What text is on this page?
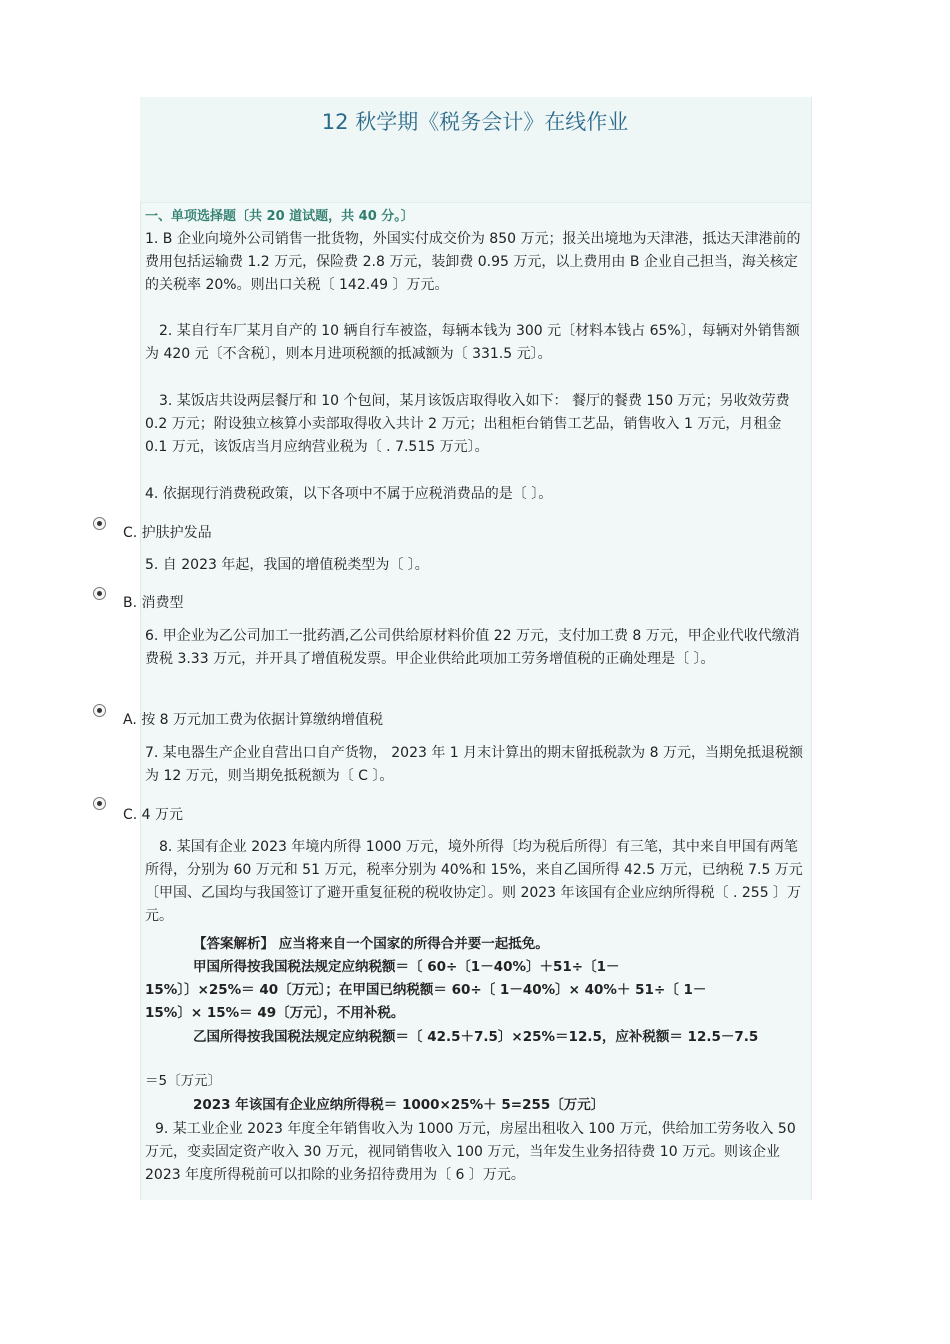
12 秋学期《税务会计》在线作业
一、单项选择题〔共 20 道试题，共 40 分。〕
1. B 企业向境外公司销售一批货物，外国实付成交价为 850 万元；报关出境地为天津港，抵达天津港前的费用包括运输费 1.2 万元，保险费 2.8 万元，装卸费 0.95 万元，以上费用由 B 企业自己担当，海关核定的关税率 20%。则出口关税〔 142.49 〕万元。
2. 某自行车厂某月自产的 10 辆自行车被盗，每辆本钱为 300 元〔材料本钱占 65%〕，每辆对外销售额为 420 元〔不含税〕，则本月进项税额的抵减额为〔 331.5 元〕。
3. 某饭店共设两层餐厅和 10 个包间，某月该饭店取得收入如下： 餐厅的餐费 150 万元；另收效劳费 0.2 万元；附设独立核算小卖部取得收入共计 2 万元；出租柜台销售工艺品，销售收入 1 万元，月租金 0.1 万元，该饭店当月应纳营业税为〔 . 7.515 万元〕。
4. 依据现行消费税政策，以下各项中不属于应税消费品的是〔 〕。
C. 护肤护发品
5. 自 2023 年起，我国的增值税类型为〔 〕。
B. 消费型
6. 甲企业为乙公司加工一批药酒,乙公司供给原材料价值 22 万元，支付加工费 8 万元，甲企业代收代缴消费税 3.33 万元，并开具了增值税发票。甲企业供给此项加工劳务增值税的正确处理是〔 〕。
A. 按 8 万元加工费为依据计算缴纳增值税
7. 某电器生产企业自营出口自产货物， 2023 年 1 月末计算出的期末留抵税款为 8 万元，当期免抵退税额为 12 万元，则当期免抵税额为〔 C 〕。
C. 4 万元
8. 某国有企业 2023 年境内所得 1000 万元，境外所得〔均为税后所得〕有三笔，其中来自甲国有两笔所得，分别为 60 万元和 51 万元，税率分别为 40%和 15%，来自乙国所得 42.5 万元，已纳税 7.5 万元〔甲国、乙国均与我国签订了避开重复征税的税收协定〕。则 2023 年该国有企业应纳所得税〔 . 255 〕万元。
【答案解析】 应当将来自一个国家的所得合并要一起抵免。
甲国所得按我国税法规定应纳税额＝〔 60÷〔1－40%〕＋51÷〔1－
15%〕〕×25%＝ 40〔万元〕；在甲国已纳税额＝ 60÷〔 1－40%〕× 40%＋ 51÷〔 1－
15%〕× 15%＝ 49〔万元〕，不用补税。
乙国所得按我国税法规定应纳税额＝〔 42.5＋7.5〕×25%＝12.5，应补税额＝ 12.5－7.5
＝5〔万元〕
2023 年该国有企业应纳所得税＝ 1000×25%＋ 5=255〔万元〕
9. 某工业企业 2023 年度全年销售收入为 1000 万元，房屋出租收入 100 万元，供给加工劳务收入 50 万元，变卖固定资产收入 30 万元，视同销售收入 100 万元，当年发生业务招待费 10 万元。则该企业 2023 年度所得税前可以扣除的业务招待费用为〔 6 〕万元。
